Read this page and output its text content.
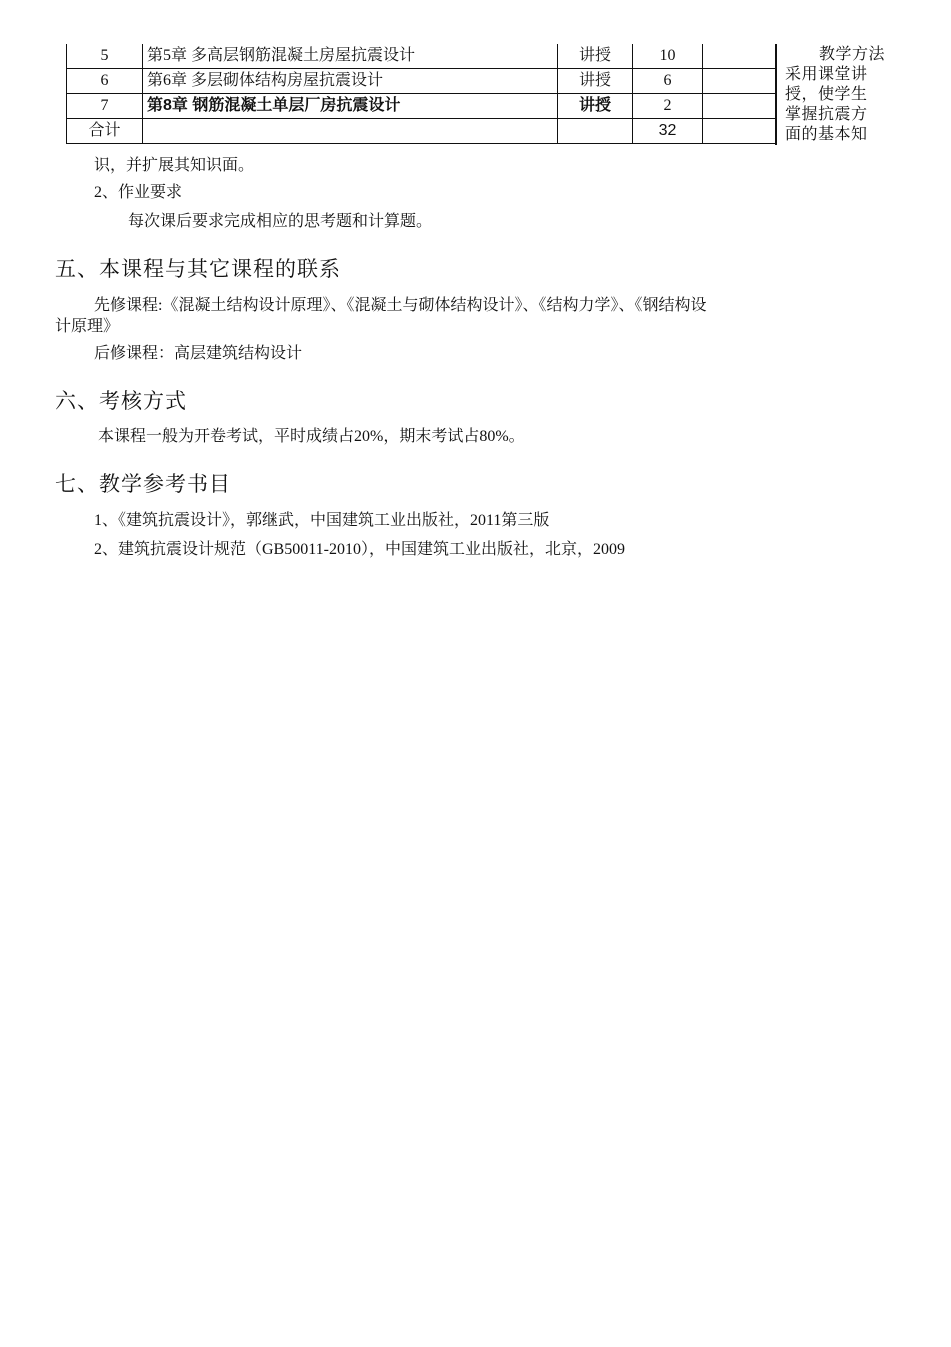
5	第5章 多高层钢筋混凝土房屋抗震设计	讲授	10	
6	第6章 多层砌体结构房屋抗震设计	讲授	6	
7	第8章 钢筋混凝土单层厂房抗震设计	讲授	2	
合计			32	
教学方法
采用课堂讲
授，使学生
掌握抗震方
面的基本知
识，并扩展其知识面。
2、作业要求
每次课后要求完成相应的思考题和计算题。
五、本课程与其它课程的联系
先修课程:《混凝土结构设计原理》、《混凝土与砌体结构设计》、《结构力学》、《钢结构设
计原理》
后修课程：高层建筑结构设计
六、考核方式
本课程一般为开卷考试，平时成绩占20%，期末考试占80%。
七、教学参考书目
1、《建筑抗震设计》，郭继武，中国建筑工业出版社，2011第三版
2、建筑抗震设计规范（GB50011-2010），中国建筑工业出版社，北京，2009
